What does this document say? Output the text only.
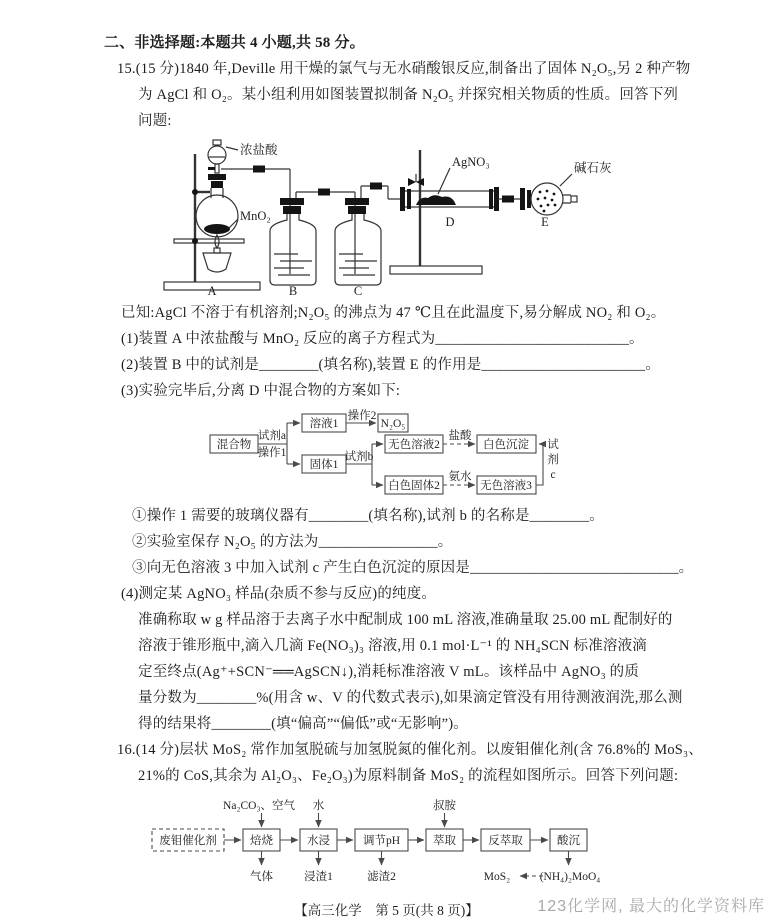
二、非选择题:本题共 4 小题,共 58 分。
15.(15 分)1840 年,Deville 用干燥的氯气与无水硝酸银反应,制备出了固体 N₂O₅,另 2 种产物
为 AgCl 和 O₂。某小组利用如图装置拟制备 N₂O₅ 并探究相关物质的性质。回答下列
问题:
浓盐酸
MnO₂
AgNO₃	碱石灰
A	B	C
D	E
已知:AgCl 不溶于有机溶剂;N₂O₅ 的沸点为 47 ℃且在此温度下,易分解成 NO₂ 和 O₂。
(1)装置 A 中浓盐酸与 MnO₂ 反应的离子方程式为__________________________。
(2)装置 B 中的试剂是________(填名称),装置 E 的作用是______________________。
(3)实验完毕后,分离 D 中混合物的方案如下:
混合物
试剂a
操作1
溶液1
操作2
N₂O₅
固体1
试剂b
无色溶液2
盐酸
白色沉淀
白色固体2
氨水
无色溶液3
试
剂
c
①操作 1 需要的玻璃仪器有________(填名称),试剂 b 的名称是________。
②实验室保存 N₂O₅ 的方法为________________。
③向无色溶液 3 中加入试剂 c 产生白色沉淀的原因是____________________________。
(4)测定某 AgNO₃ 样品(杂质不参与反应)的纯度。
准确称取 w g 样品溶于去离子水中配制成 100 mL 溶液,准确量取 25.00 mL 配制好的
溶液于锥形瓶中,滴入几滴 Fe(NO₃)₃ 溶液,用 0.1 mol·L⁻¹ 的 NH₄SCN 标准溶液滴
定至终点(Ag⁺+SCN⁻══AgSCN↓),消耗标准溶液 V mL。该样品中 AgNO₃ 的质
量分数为________%(用含 w、V 的代数式表示),如果滴定管没有用待测液润洗,那么测
得的结果将________(填“偏高”“偏低”或“无影响”)。
16.(14 分)层状 MoS₂ 常作加氢脱硫与加氢脱氮的催化剂。以废钼催化剂(含 76.8%的 MoS₃、
21%的 CoS,其余为 Al₂O₃、Fe₂O₃)为原料制备 MoS₂ 的流程如图所示。回答下列问题:
废钼催化剂	焙烧	水浸	调节pH	萃取	反萃取	酸沉
Na₂CO₃、空气 水	叔胺
气体	浸渣1	滤渣2	(NH₄)₂MoO₄
MoS₂
【高三化学　第 5 页(共 8 页)】	123化学网, 最大的化学资料库
